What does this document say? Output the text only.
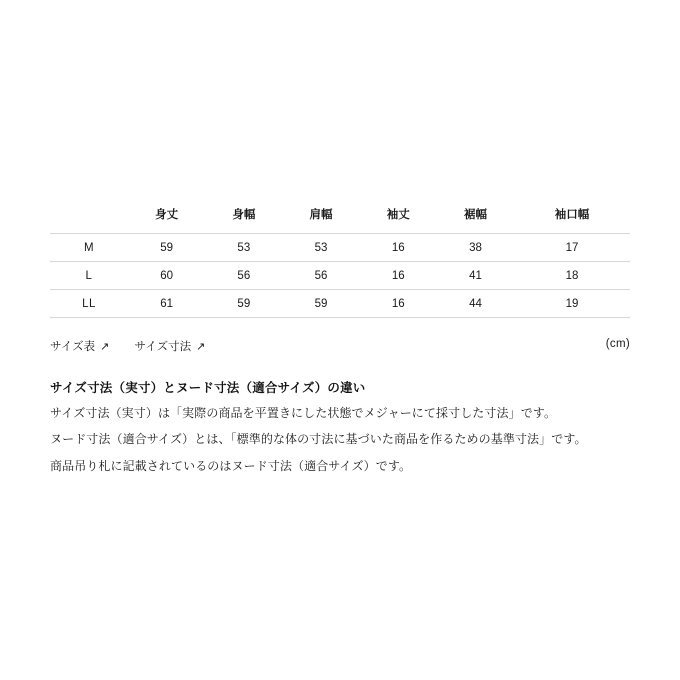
	身丈	身幅	肩幅	袖丈	裾幅	袖口幅
M	59	53	53	16	38	17
L	60	56	56	16	41	18
LL	61	59	59	16	44	19
サイズ表 ↗ サイズ寸法 ↗	(cm)

サイズ寸法（実寸）とヌード寸法（適合サイズ）の違い

サイズ寸法（実寸）は「実際の商品を平置きにした状態でメジャーにて採寸した寸法」です。

ヌード寸法（適合サイズ）とは、「標準的な体の寸法に基づいた商品を作るための基準寸法」です。

商品吊り札に記載されているのはヌード寸法（適合サイズ）です。
